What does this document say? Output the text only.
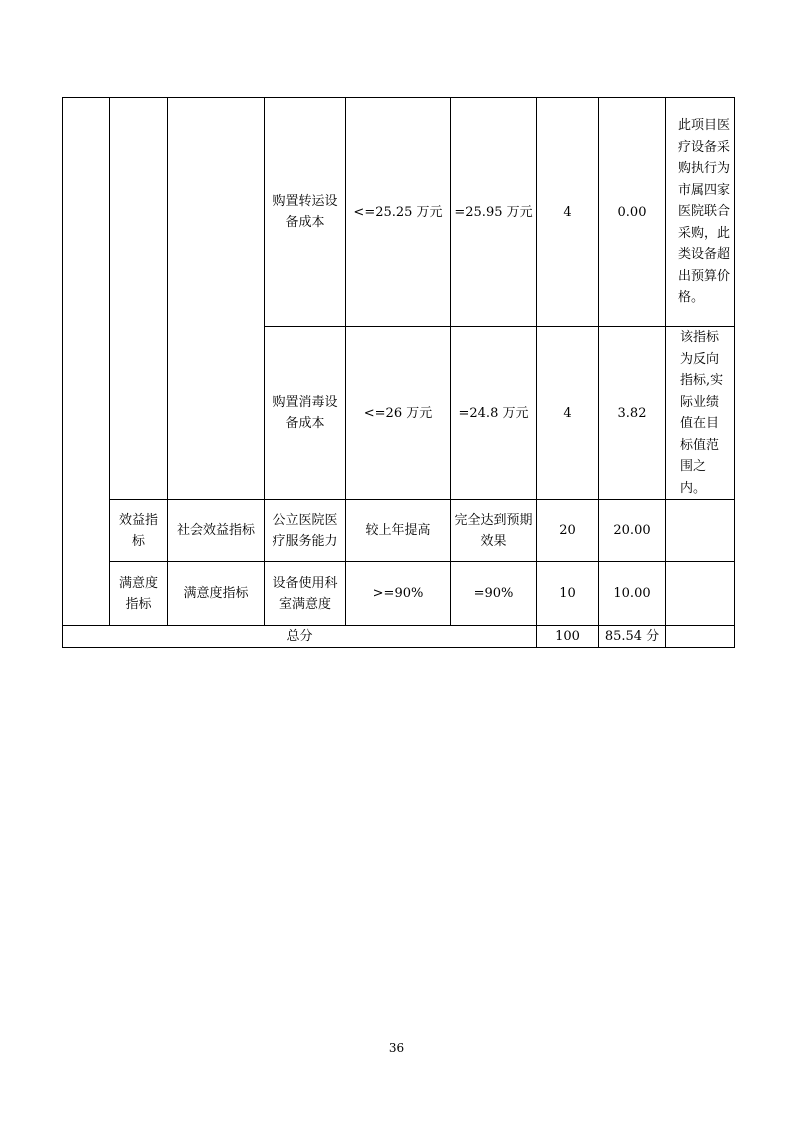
			购置转运设备成本	<=25.25 万元	=25.95 万元	4	0.00	此项目医疗设备采购执行为市属四家医院联合采购，此类设备超出预算价格。

			购置消毒设备成本	<=26 万元	=24.8 万元	4	3.82	该指标为反向指标,实际业绩值在目标值范围之内。

	效益指标	社会效益指标	公立医院医疗服务能力	较上年提高	完全达到预期效果	20	20.00	

	满意度指标	满意度指标	设备使用科室满意度	>=90%	=90%	10	10.00	

总分						100	85.54 分	

36
